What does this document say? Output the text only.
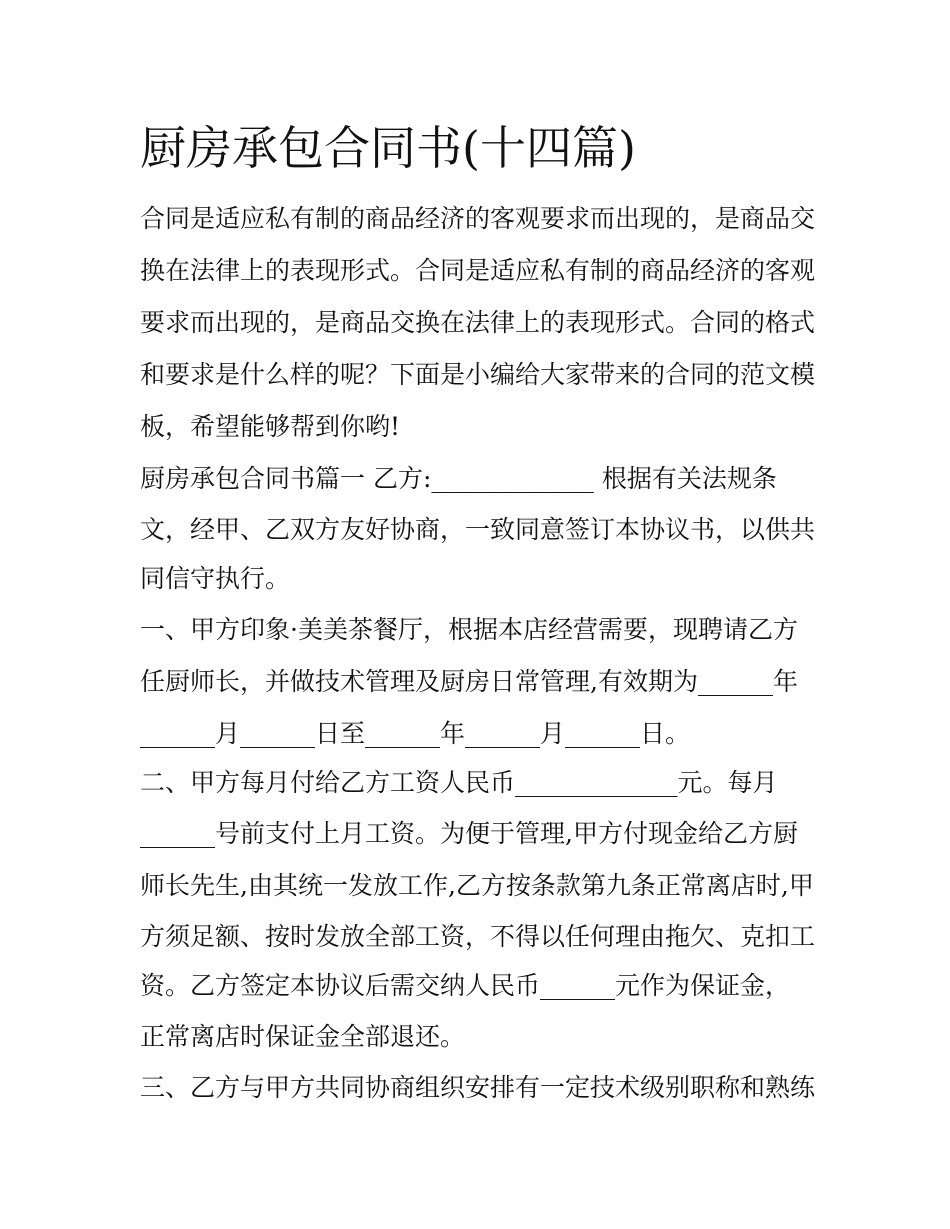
厨房承包合同书(十四篇)

合同是适应私有制的商品经济的客观要求而出现的，是商品交

换在法律上的表现形式。合同是适应私有制的商品经济的客观

要求而出现的，是商品交换在法律上的表现形式。合同的格式

和要求是什么样的呢？下面是小编给大家带来的合同的范文模

板，希望能够帮到你哟!

厨房承包合同书篇一 乙方:_____________ 根据有关法规条

文，经甲、乙双方友好协商，一致同意签订本协议书，以供共

同信守执行。

一、甲方印象·美美茶餐厅，根据本店经营需要，现聘请乙方

任厨师长，并做技术管理及厨房日常管理,有效期为______年

______月______日至______年______月______日。

二、甲方每月付给乙方工资人民币_____________元。每月

______号前支付上月工资。为便于管理,甲方付现金给乙方厨

师长先生,由其统一发放工作,乙方按条款第九条正常离店时,甲

方须足额、按时发放全部工资，不得以任何理由拖欠、克扣工

资。乙方签定本协议后需交纳人民币______元作为保证金，

正常离店时保证金全部退还。

三、乙方与甲方共同协商组织安排有一定技术级别职称和熟练
